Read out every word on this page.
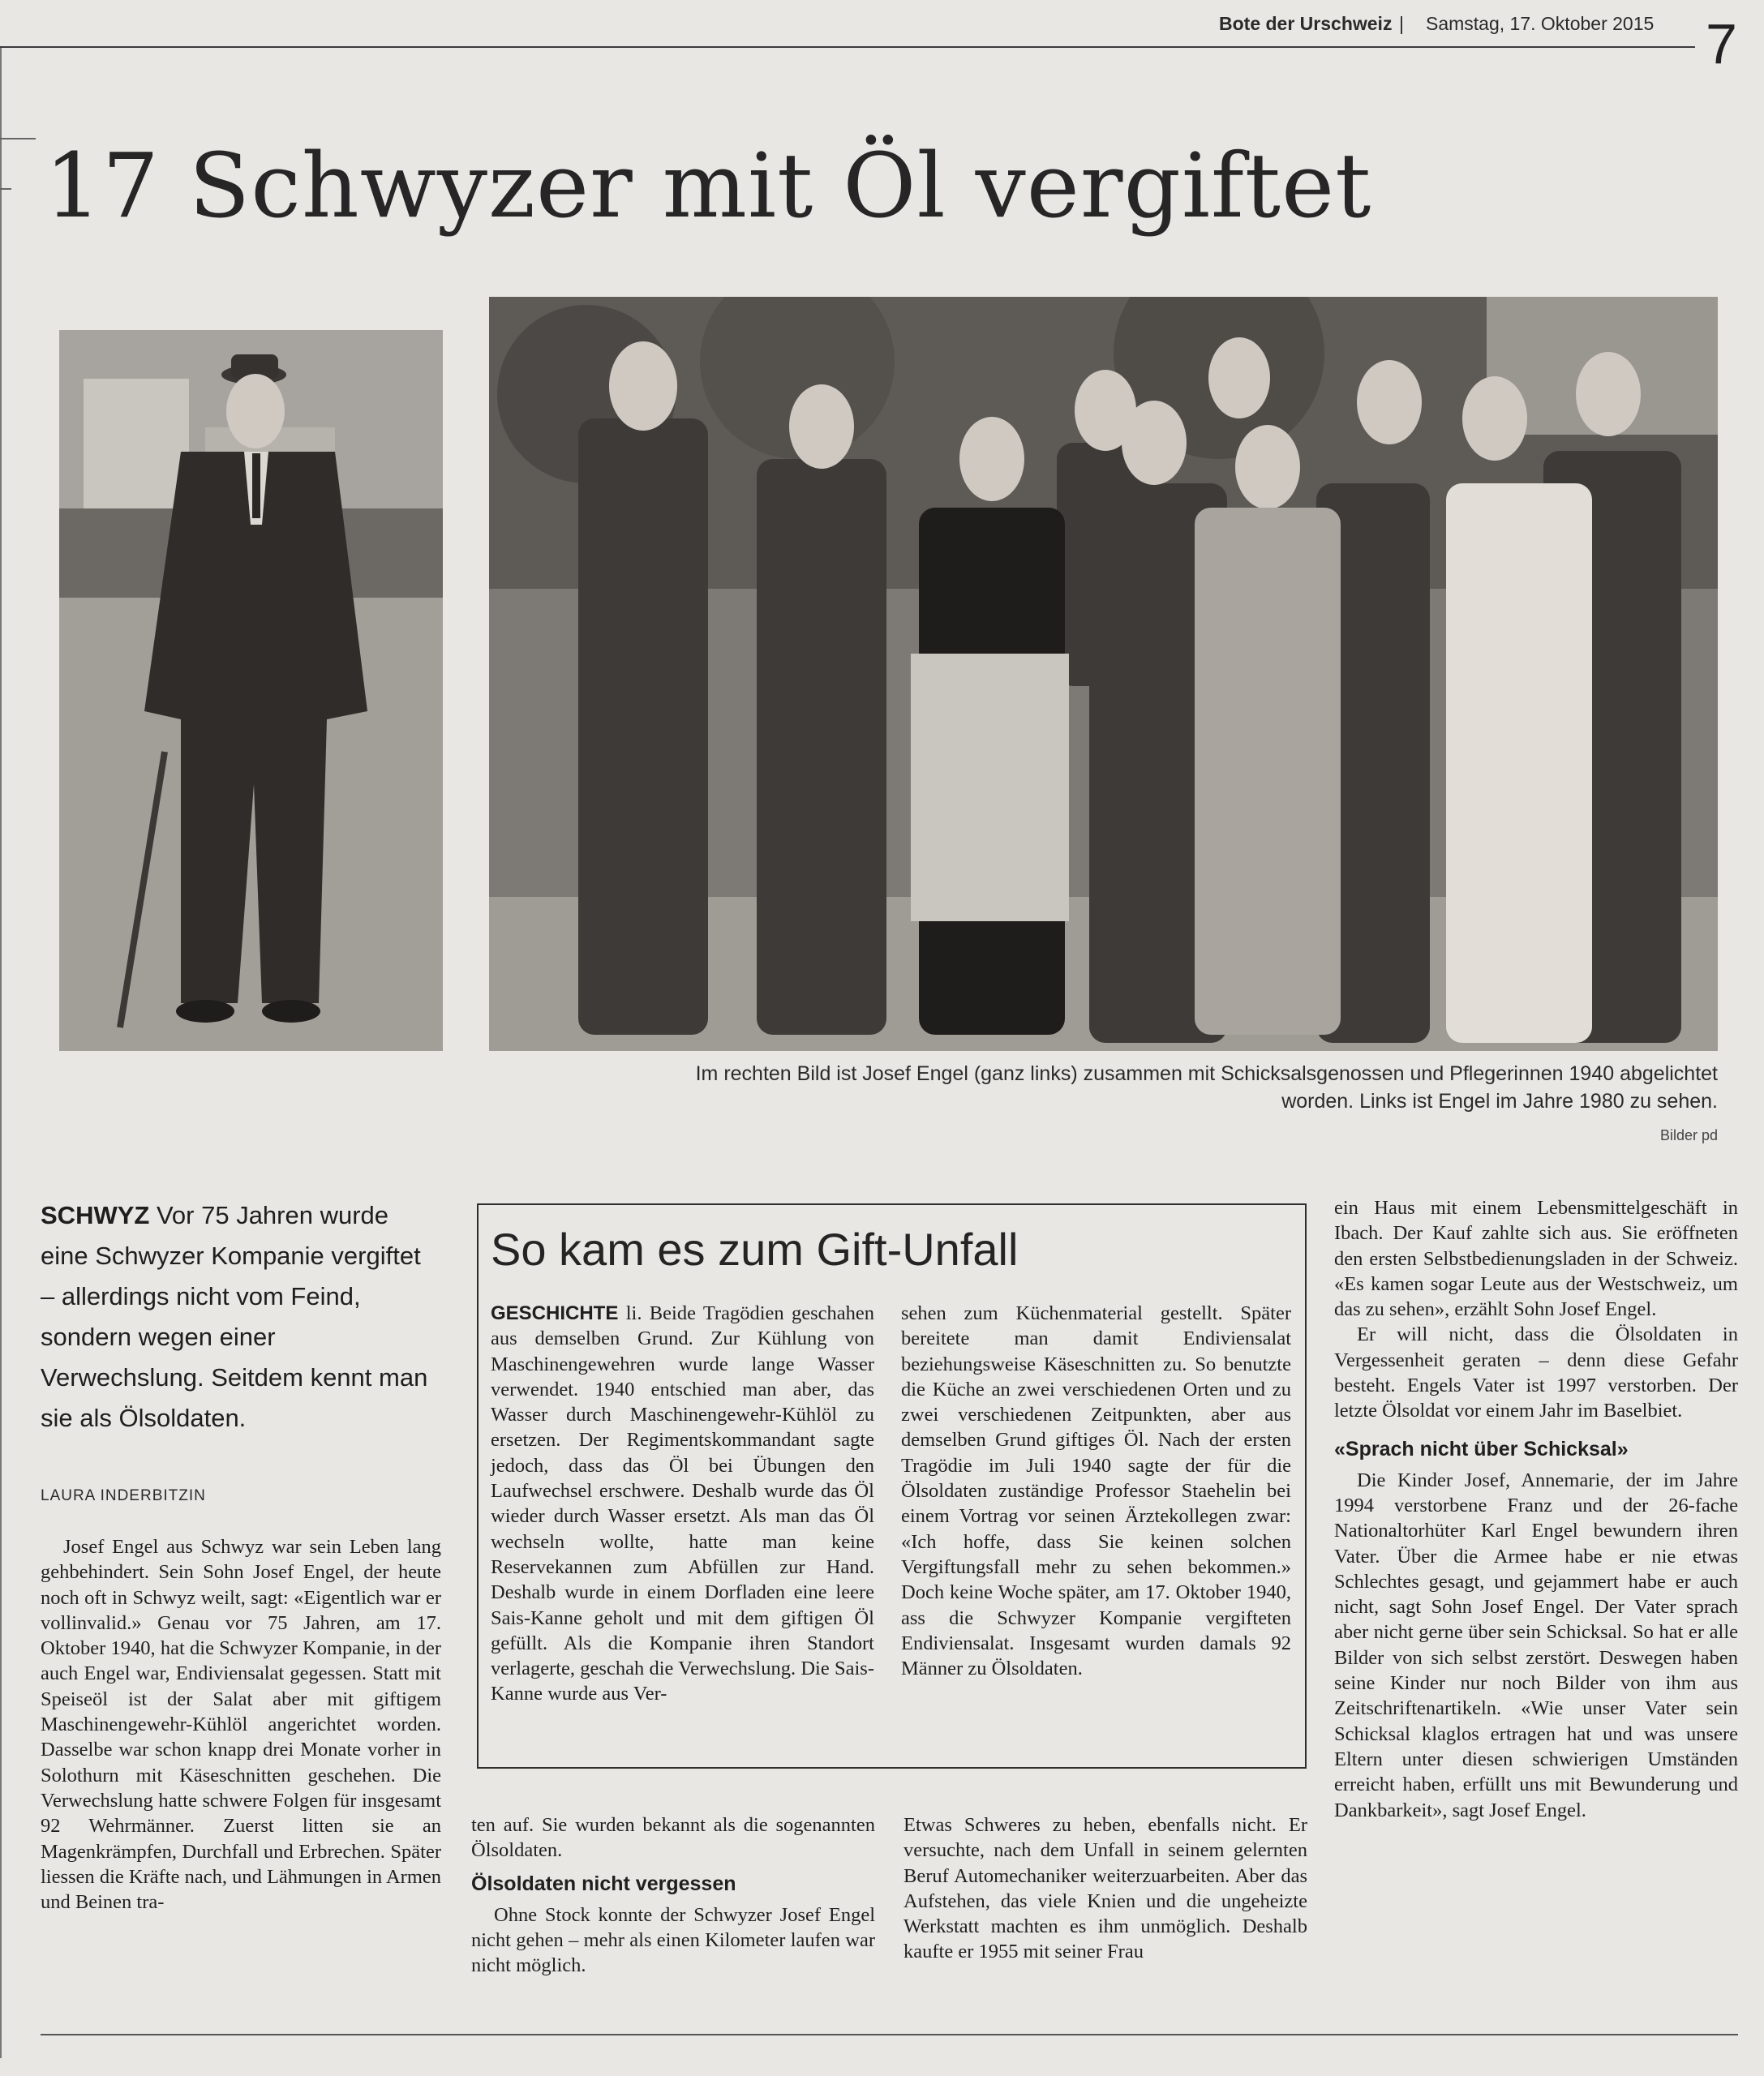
Bote der Urschweiz | Samstag, 17. Oktober 2015 7
17 Schwyzer mit Öl vergiftet
Im rechten Bild ist Josef Engel (ganz links) zusammen mit Schicksalsgenossen und Pflegerinnen 1940 abgelichtet worden. Links ist Engel im Jahre 1980 zu sehen.
Bilder pd
SCHWYZ Vor 75 Jahren wurde eine Schwyzer Kompanie vergiftet – allerdings nicht vom Feind, sondern wegen einer Verwechslung. Seitdem kennt man sie als Ölsoldaten.
LAURA INDERBITZIN

Josef Engel aus Schwyz war sein Leben lang gehbehindert. Sein Sohn Josef Engel, der heute noch oft in Schwyz weilt, sagt: «Eigentlich war er vollinvalid.» Genau vor 75 Jahren, am 17. Oktober 1940, hat die Schwyzer Kompanie, in der auch Engel war, Endiviensalat gegessen. Statt mit Speiseöl ist der Salat aber mit giftigem Maschinengewehr-Kühlöl angerichtet worden. Dasselbe war schon knapp drei Monate vorher in Solothurn mit Käseschnitten geschehen. Die Verwechslung hatte schwere Folgen für insgesamt 92 Wehrmänner. Zuerst litten sie an Magenkrämpfen, Durchfall und Erbrechen. Später liessen die Kräfte nach, und Lähmungen in Armen und Beinen tra-

So kam es zum Gift-Unfall

GESCHICHTE li. Beide Tragödien geschahen aus demselben Grund. Zur Kühlung von Maschinengewehren wurde lange Wasser verwendet. 1940 entschied man aber, das Wasser durch Maschinengewehr-Kühlöl zu ersetzen. Der Regimentskommandant sagte jedoch, dass das Öl bei Übungen den Laufwechsel erschwere. Deshalb wurde das Öl wieder durch Wasser ersetzt. Als man das Öl wechseln wollte, hatte man keine Reservekannen zum Abfüllen zur Hand. Deshalb wurde in einem Dorfladen eine leere Sais-Kanne geholt und mit dem giftigen Öl gefüllt. Als die Kompanie ihren Standort verlagerte, geschah die Verwechslung. Die Sais-Kanne wurde aus Ver-

sehen zum Küchenmaterial gestellt. Später bereitete man damit Endiviensalat beziehungsweise Käseschnitten zu. So benutzte die Küche an zwei verschiedenen Orten und zu zwei verschiedenen Zeitpunkten, aber aus demselben Grund giftiges Öl. Nach der ersten Tragödie im Juli 1940 sagte der für die Ölsoldaten zuständige Professor Staehelin bei einem Vortrag vor seinen Ärztekollegen zwar: «Ich hoffe, dass Sie keinen solchen Vergiftungsfall mehr zu sehen bekommen.» Doch keine Woche später, am 17. Oktober 1940, ass die Schwyzer Kompanie vergifteten Endiviensalat. Insgesamt wurden damals 92 Männer zu Ölsoldaten.

ten auf. Sie wurden bekannt als die sogenannten Ölsoldaten.

Ölsoldaten nicht vergessen

Ohne Stock konnte der Schwyzer Josef Engel nicht gehen – mehr als einen Kilometer laufen war nicht möglich.

Etwas Schweres zu heben, ebenfalls nicht. Er versuchte, nach dem Unfall in seinem gelernten Beruf Automechaniker weiterzuarbeiten. Aber das Aufstehen, das viele Knien und die ungeheizte Werkstatt machten es ihm unmöglich. Deshalb kaufte er 1955 mit seiner Frau

ein Haus mit einem Lebensmittelgeschäft in Ibach. Der Kauf zahlte sich aus. Sie eröffneten den ersten Selbstbedienungsladen in der Schweiz. «Es kamen sogar Leute aus der Westschweiz, um das zu sehen», erzählt Sohn Josef Engel.

Er will nicht, dass die Ölsoldaten in Vergessenheit geraten – denn diese Gefahr besteht. Engels Vater ist 1997 verstorben. Der letzte Ölsoldat vor einem Jahr im Baselbiet.

«Sprach nicht über Schicksal»

Die Kinder Josef, Annemarie, der im Jahre 1994 verstorbene Franz und der 26-fache Nationaltorhüter Karl Engel bewundern ihren Vater. Über die Armee habe er nie etwas Schlechtes gesagt, und gejammert habe er auch nicht, sagt Sohn Josef Engel. Der Vater sprach aber nicht gerne über sein Schicksal. So hat er alle Bilder von sich selbst zerstört. Deswegen haben seine Kinder nur noch Bilder von ihm aus Zeitschriftenartikeln. «Wie unser Vater sein Schicksal klaglos ertragen hat und was unsere Eltern unter diesen schwierigen Umständen erreicht haben, erfüllt uns mit Bewunderung und Dankbarkeit», sagt Josef Engel.
